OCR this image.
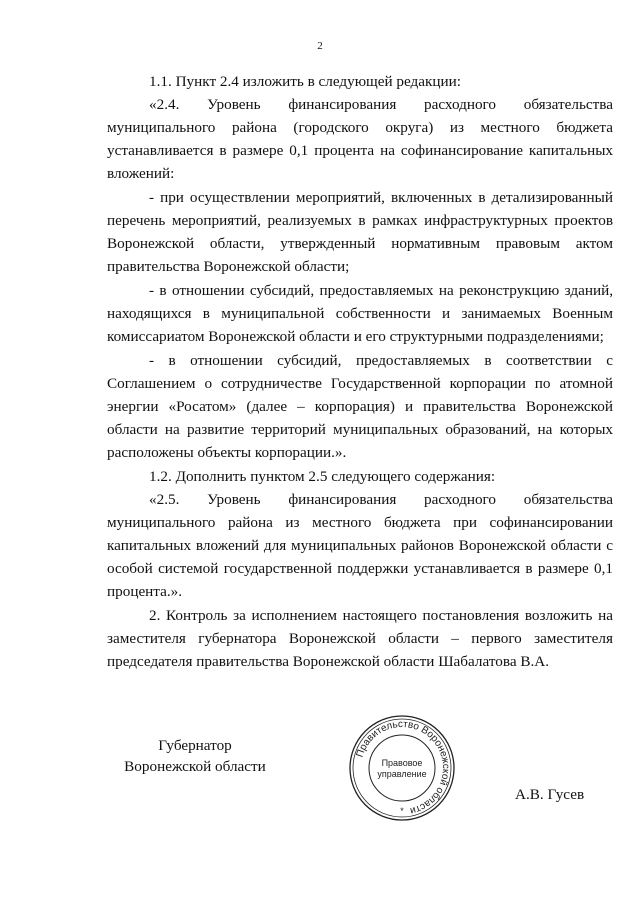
2

1.1. Пункт 2.4 изложить в следующей редакции:

«2.4. Уровень финансирования расходного обязательства муниципального района (городского округа) из местного бюджета устанавливается в размере 0,1 процента на софинансирование капитальных вложений:

- при осуществлении мероприятий, включенных в детализированный перечень мероприятий, реализуемых в рамках инфраструктурных проектов Воронежской области, утвержденный нормативным правовым актом правительства Воронежской области;

- в отношении субсидий, предоставляемых на реконструкцию зданий, находящихся в муниципальной собственности и занимаемых Военным комиссариатом Воронежской области и его структурными подразделениями;

- в отношении субсидий, предоставляемых в соответствии с Соглашением о сотрудничестве Государственной корпорации по атомной энергии «Росатом» (далее – корпорация) и правительства Воронежской области на развитие территорий муниципальных образований, на которых расположены объекты корпорации.».

1.2. Дополнить пунктом 2.5 следующего содержания:

«2.5. Уровень финансирования расходного обязательства муниципального района из местного бюджета при софинансировании капитальных вложений для муниципальных районов Воронежской области с особой системой государственной поддержки устанавливается в размере 0,1 процента.».

2. Контроль за исполнением настоящего постановления возложить на заместителя губернатора Воронежской области – первого заместителя председателя правительства Воронежской области Шабалатова В.А.

Губернатор
Воронежской области
Правительство Воронежской области
Правовое
управление
*
А.В. Гусев
